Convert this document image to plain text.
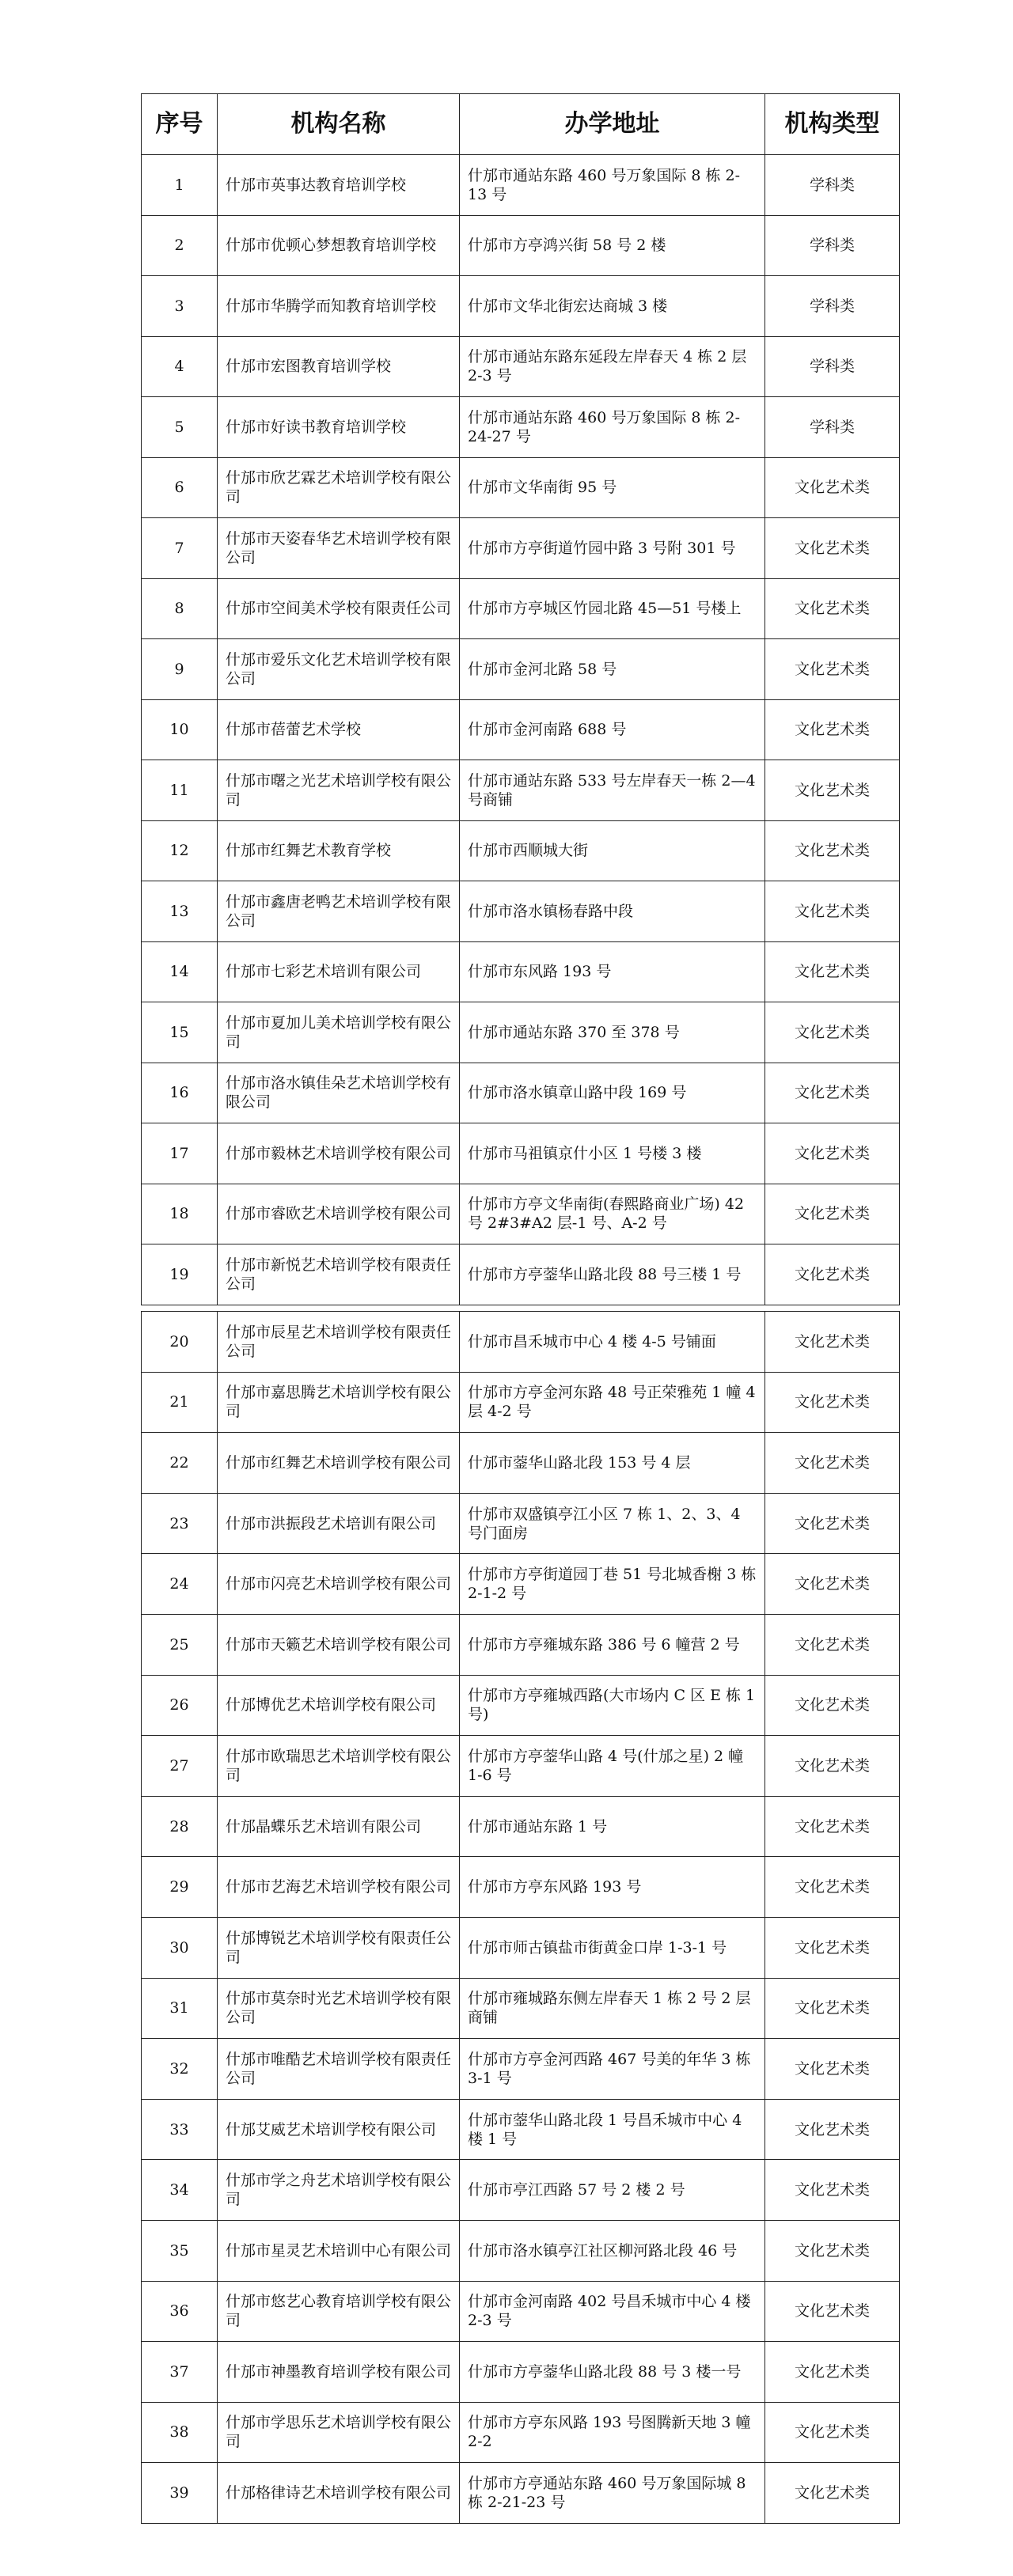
序号	机构名称	办学地址	机构类型
1	什邡市英事达教育培训学校	什邡市通站东路 460 号万象国际 8 栋 2-13 号	学科类
2	什邡市优顿心梦想教育培训学校	什邡市方亭鸿兴街 58 号 2 楼	学科类
3	什邡市华腾学而知教育培训学校	什邡市文华北街宏达商城 3 楼	学科类
4	什邡市宏图教育培训学校	什邡市通站东路东延段左岸春天 4 栋 2 层 2-3 号	学科类
5	什邡市好读书教育培训学校	什邡市通站东路 460 号万象国际 8 栋 2-24-27 号	学科类
6	什邡市欣艺霖艺术培训学校有限公司	什邡市文华南街 95 号	文化艺术类
7	什邡市天姿春华艺术培训学校有限公司	什邡市方亭街道竹园中路 3 号附 301 号	文化艺术类
8	什邡市空间美术学校有限责任公司	什邡市方亭城区竹园北路 45—51 号楼上	文化艺术类
9	什邡市爱乐文化艺术培训学校有限公司	什邡市金河北路 58 号	文化艺术类
10	什邡市蓓蕾艺术学校	什邡市金河南路 688 号	文化艺术类
11	什邡市曙之光艺术培训学校有限公司	什邡市通站东路 533 号左岸春天一栋 2—4 号商铺	文化艺术类
12	什邡市红舞艺术教育学校	什邡市西顺城大街	文化艺术类
13	什邡市鑫唐老鸭艺术培训学校有限公司	什邡市洛水镇杨春路中段	文化艺术类
14	什邡市七彩艺术培训有限公司	什邡市东风路 193 号	文化艺术类
15	什邡市夏加儿美术培训学校有限公司	什邡市通站东路 370 至 378 号	文化艺术类
16	什邡市洛水镇佳朵艺术培训学校有限公司	什邡市洛水镇章山路中段 169 号	文化艺术类
17	什邡市毅林艺术培训学校有限公司	什邡市马祖镇京什小区 1 号楼 3 楼	文化艺术类
18	什邡市睿欧艺术培训学校有限公司	什邡市方亭文华南街(春熙路商业广场) 42 号 2#3#A2 层-1 号、A-2 号	文化艺术类
19	什邡市新悦艺术培训学校有限责任公司	什邡市方亭蓥华山路北段 88 号三楼 1 号	文化艺术类
20	什邡市辰星艺术培训学校有限责任公司	什邡市昌禾城市中心 4 楼 4-5 号铺面	文化艺术类
21	什邡市嘉思腾艺术培训学校有限公司	什邡市方亭金河东路 48 号正荣雅苑 1 幢 4 层 4-2 号	文化艺术类
22	什邡市红舞艺术培训学校有限公司	什邡市蓥华山路北段 153 号 4 层	文化艺术类
23	什邡市洪振段艺术培训有限公司	什邡市双盛镇亭江小区 7 栋 1、2、3、4 号门面房	文化艺术类
24	什邡市闪亮艺术培训学校有限公司	什邡市方亭街道园丁巷 51 号北城香榭 3 栋 2-1-2 号	文化艺术类
25	什邡市天籁艺术培训学校有限公司	什邡市方亭雍城东路 386 号 6 幢营 2 号	文化艺术类
26	什邡博优艺术培训学校有限公司	什邡市方亭雍城西路(大市场内 C 区 E 栋 1 号)	文化艺术类
27	什邡市欧瑞思艺术培训学校有限公司	什邡市方亭蓥华山路 4 号(什邡之星) 2 幢 1-6 号	文化艺术类
28	什邡晶蝶乐艺术培训有限公司	什邡市通站东路 1 号	文化艺术类
29	什邡市艺海艺术培训学校有限公司	什邡市方亭东风路 193 号	文化艺术类
30	什邡博锐艺术培训学校有限责任公司	什邡市师古镇盐市街黄金口岸 1-3-1 号	文化艺术类
31	什邡市莫奈时光艺术培训学校有限公司	什邡市雍城路东侧左岸春天 1 栋 2 号 2 层商铺	文化艺术类
32	什邡市唯酷艺术培训学校有限责任公司	什邡市方亭金河西路 467 号美的年华 3 栋 3-1 号	文化艺术类
33	什邡艾威艺术培训学校有限公司	什邡市蓥华山路北段 1 号昌禾城市中心 4 楼 1 号	文化艺术类
34	什邡市学之舟艺术培训学校有限公司	什邡市亭江西路 57 号 2 楼 2 号	文化艺术类
35	什邡市星灵艺术培训中心有限公司	什邡市洛水镇亭江社区柳河路北段 46 号	文化艺术类
36	什邡市悠艺心教育培训学校有限公司	什邡市金河南路 402 号昌禾城市中心 4 楼 2-3 号	文化艺术类
37	什邡市神墨教育培训学校有限公司	什邡市方亭蓥华山路北段 88 号 3 楼一号	文化艺术类
38	什邡市学思乐艺术培训学校有限公司	什邡市方亭东风路 193 号图腾新天地 3 幢 2-2	文化艺术类
39	什邡格律诗艺术培训学校有限公司	什邡市方亭通站东路 460 号万象国际城 8 栋 2-21-23 号	文化艺术类
